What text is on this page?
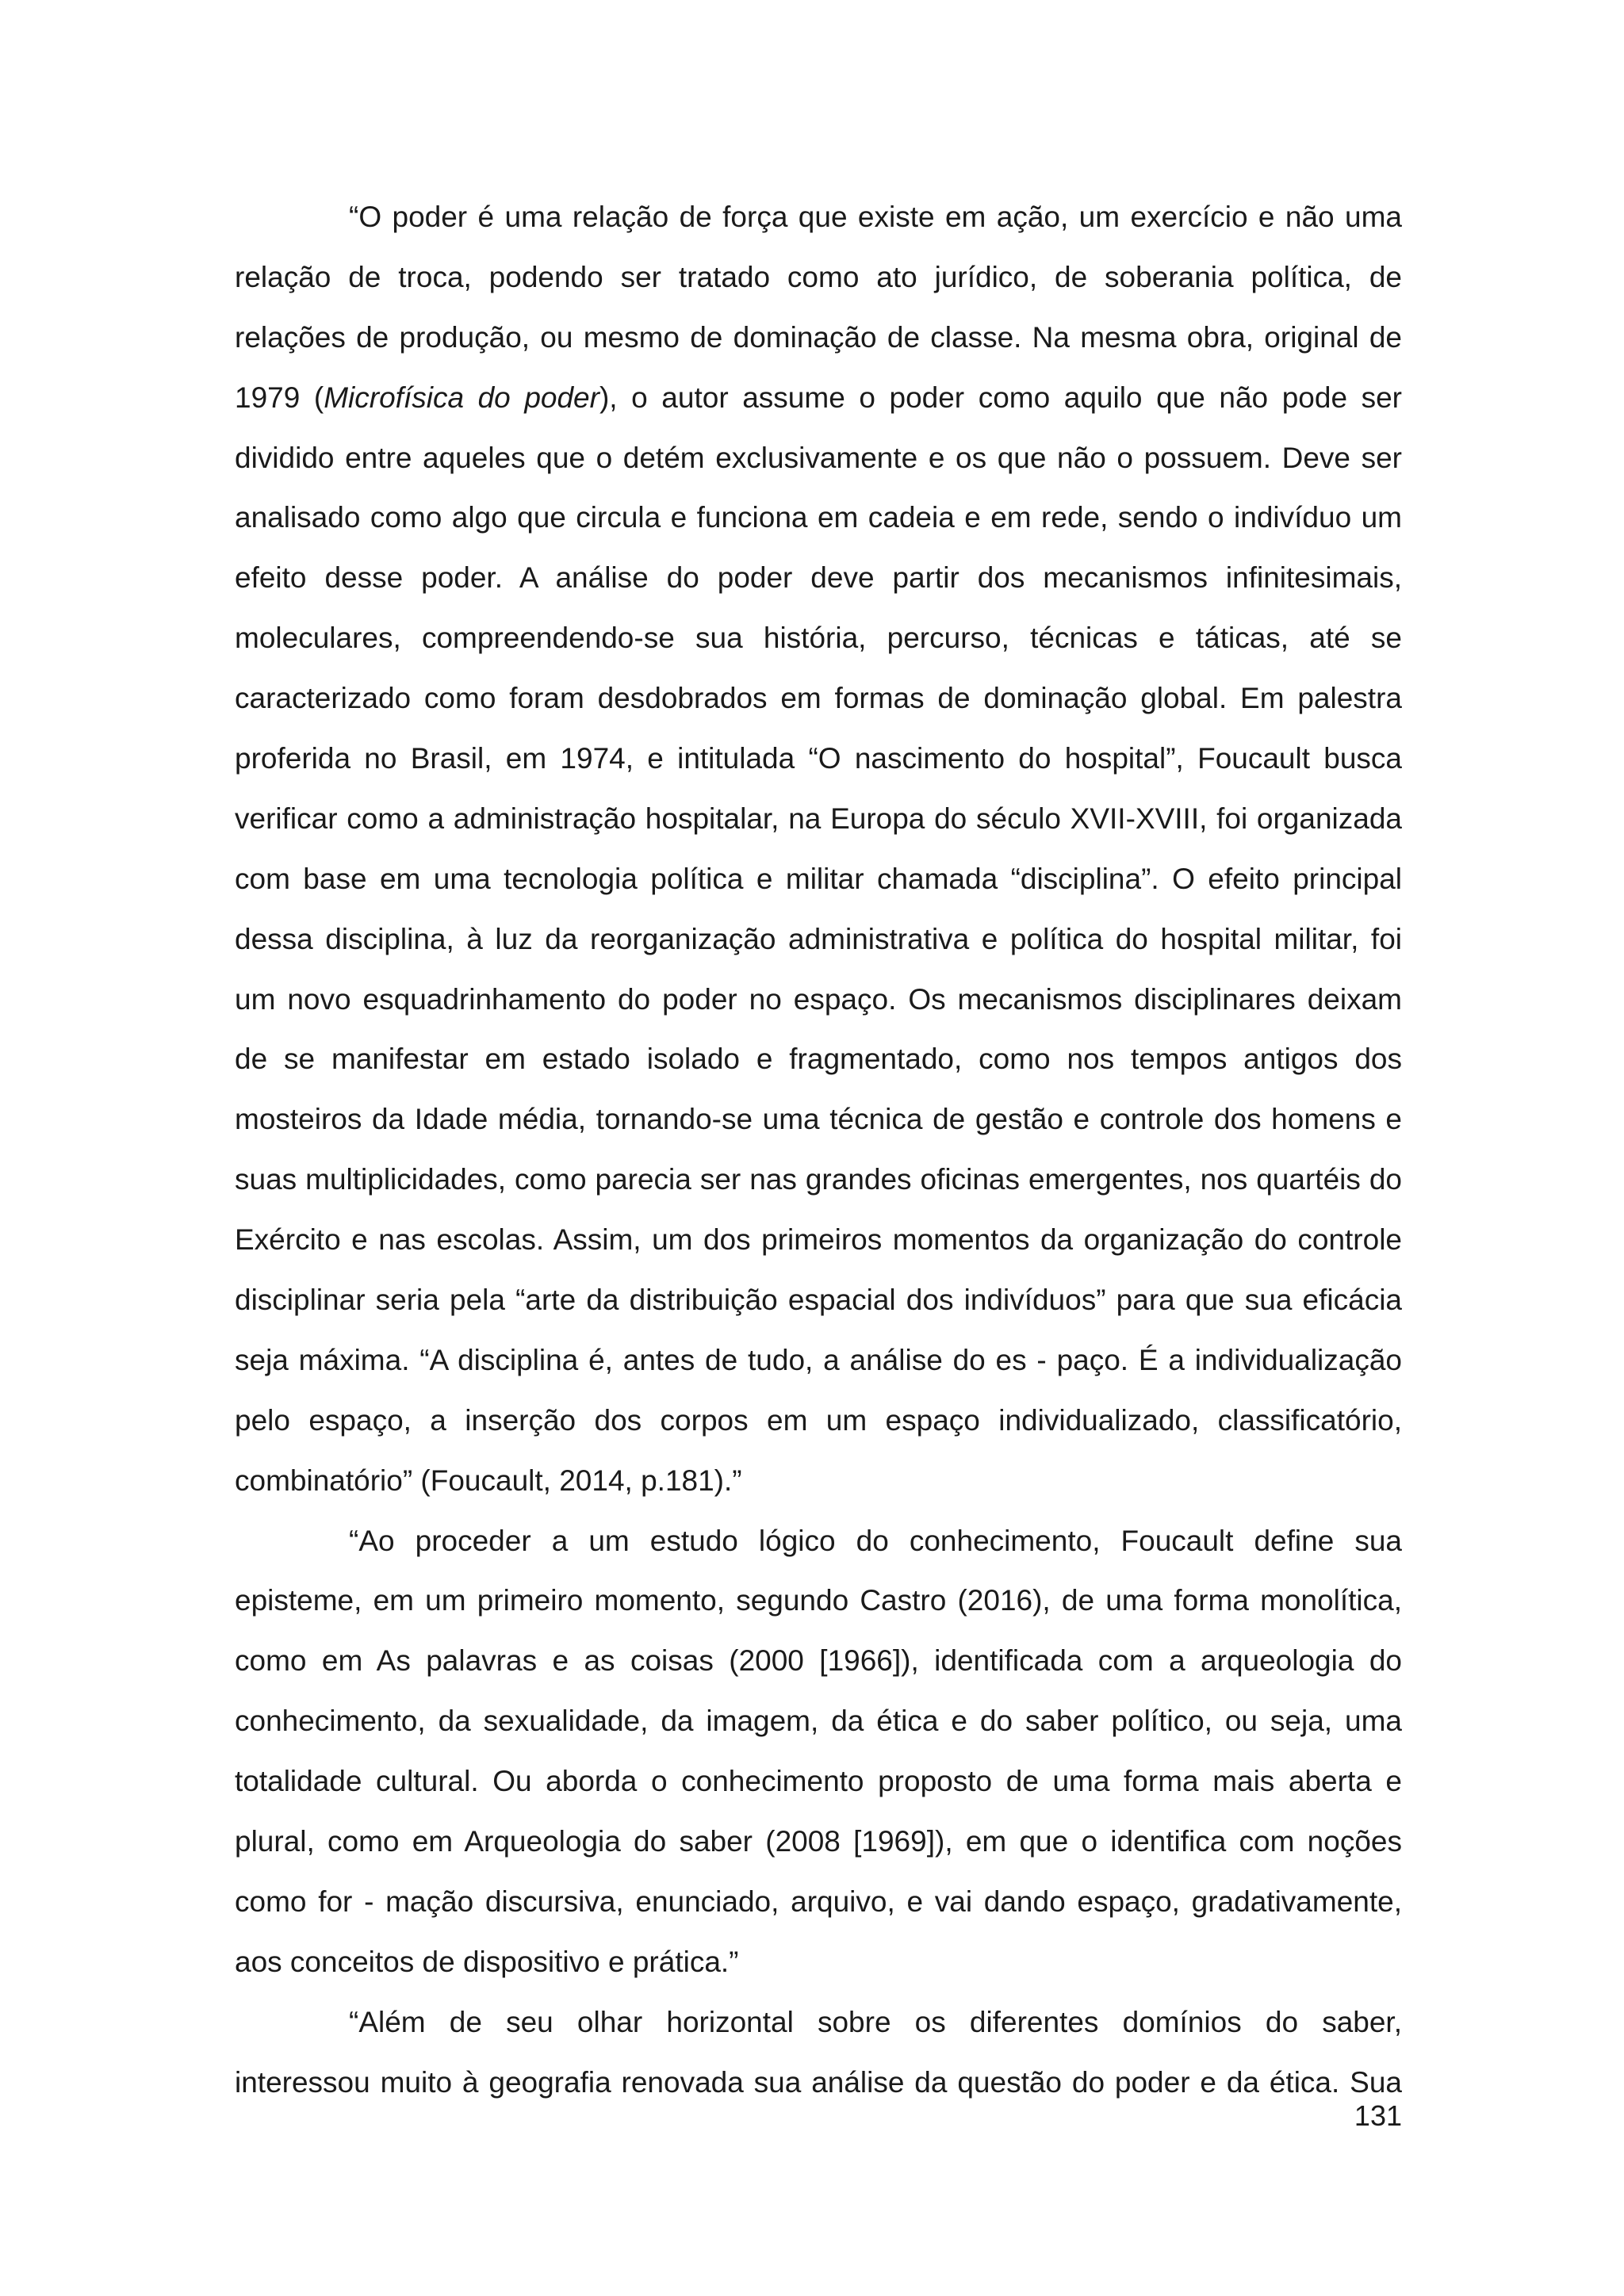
“O poder é uma relação de força que existe em ação, um exercício e não uma
relação de troca, podendo ser tratado como ato jurídico, de soberania política, de
relações de produção, ou mesmo de dominação de classe. Na mesma obra, original de
1979 (Microfísica do poder), o autor assume o poder como aquilo que não pode ser
dividido entre aqueles que o detém exclusivamente e os que não o possuem. Deve ser
analisado como algo que circula e funciona em cadeia e em rede, sendo o indivíduo um
efeito desse poder. A análise do poder deve partir dos mecanismos infinitesimais,
moleculares, compreendendo-se sua história, percurso, técnicas e táticas, até se
caracterizado como foram desdobrados em formas de dominação global. Em palestra
proferida no Brasil, em 1974, e intitulada “O nascimento do hospital”, Foucault busca
verificar como a administração hospitalar, na Europa do século XVII-XVIII, foi organizada
com base em uma tecnologia política e militar chamada “disciplina”. O efeito principal
dessa disciplina, à luz da reorganização administrativa e política do hospital militar, foi
um novo esquadrinhamento do poder no espaço. Os mecanismos disciplinares deixam
de se manifestar em estado isolado e fragmentado, como nos tempos antigos dos
mosteiros da Idade média, tornando-se uma técnica de gestão e controle dos homens e
suas multiplicidades, como parecia ser nas grandes oficinas emergentes, nos quartéis do
Exército e nas escolas. Assim, um dos primeiros momentos da organização do controle
disciplinar seria pela “arte da distribuição espacial dos indivíduos” para que sua eficácia
seja máxima. “A disciplina é, antes de tudo, a análise do es - paço. É a individualização
pelo espaço, a inserção dos corpos em um espaço individualizado, classificatório,
combinatório” (Foucault, 2014, p.181).”
“Ao proceder a um estudo lógico do conhecimento, Foucault define sua
episteme, em um primeiro momento, segundo Castro (2016), de uma forma monolítica,
como em As palavras e as coisas (2000 [1966]), identificada com a arqueologia do
conhecimento, da sexualidade, da imagem, da ética e do saber político, ou seja, uma
totalidade cultural. Ou aborda o conhecimento proposto de uma forma mais aberta e
plural, como em Arqueologia do saber (2008 [1969]), em que o identifica com noções
como for - mação discursiva, enunciado, arquivo, e vai dando espaço, gradativamente,
aos conceitos de dispositivo e prática.”
“Além de seu olhar horizontal sobre os diferentes domínios do saber,
interessou muito à geografia renovada sua análise da questão do poder e da ética. Sua
131
